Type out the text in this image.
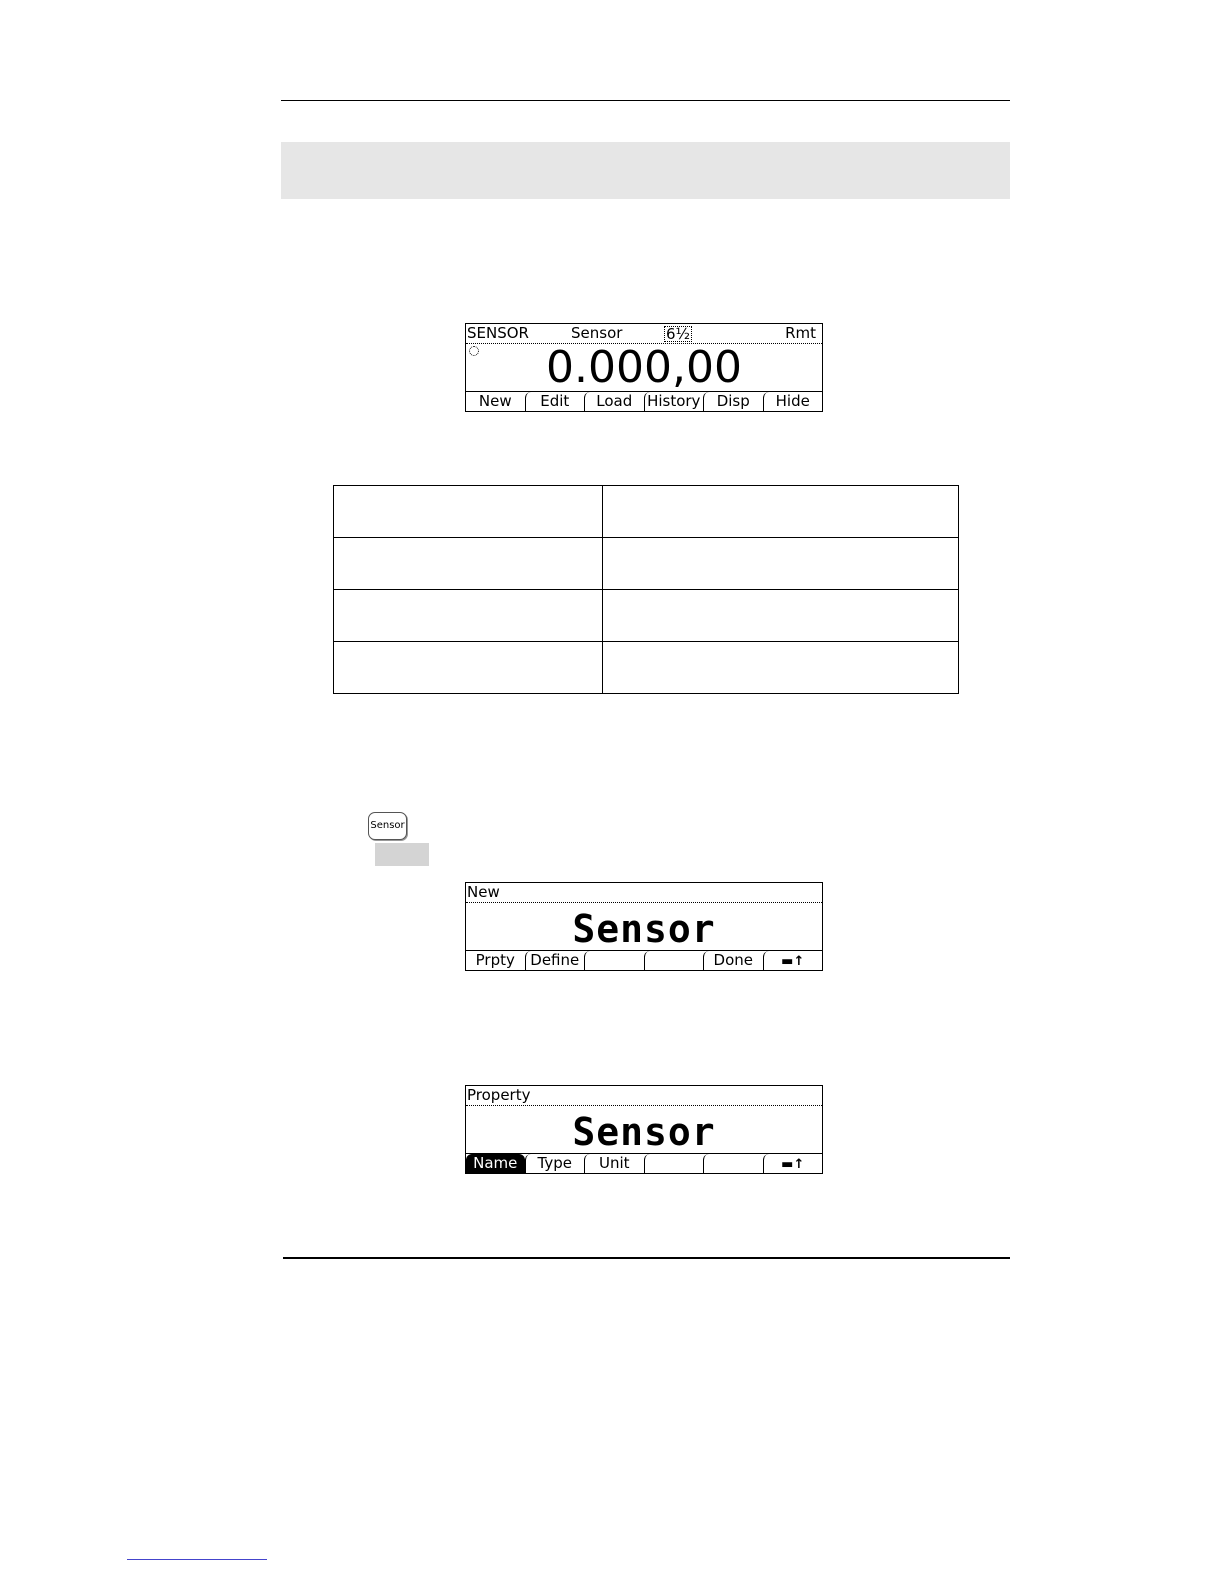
SENSOR	Sensor	6½	Rmt
0.000,00
New	Edit	Load History	Disp	Hide

Sensor
New
Sensor
Prpty	Define	Done	▬↑
Property
Sensor
Name	Type	Unit	▬↑
